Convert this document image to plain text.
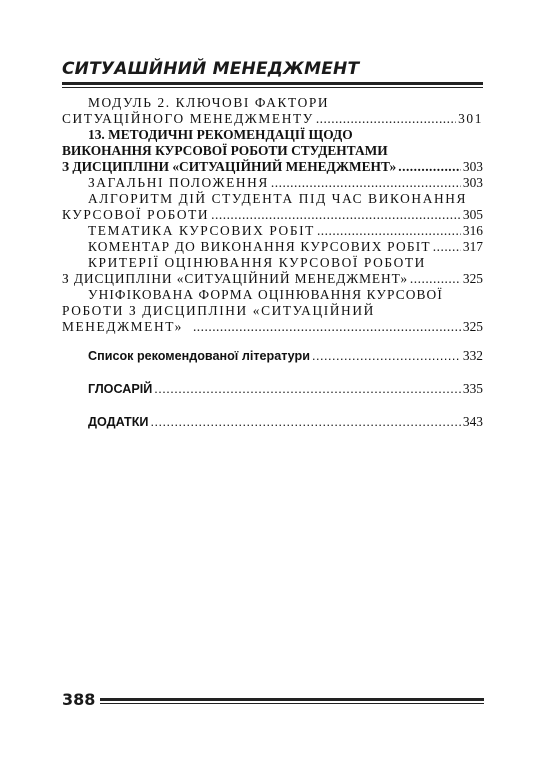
СИТУАШЙНИЙ МЕНЕДЖМЕНТ
МОДУЛЬ 2. КЛЮЧОВІ ФАКТОРИ
СИТУАЦІЙНОГО МЕНЕДЖМЕНТУ .....	301
13. МЕТОДИЧНІ РЕКОМЕНДАЦІЇ ЩОДО
ВИКОНАННЯ КУРСОВОЇ РОБОТИ СТУДЕНТАМИ
З ДИСЦИПЛІНИ «СИТУАЦІЙНИЙ МЕНЕДЖМЕНТ» .....	303
ЗАГАЛЬНІ ПОЛОЖЕННЯ .....	303
АЛГОРИТМ ДІЙ СТУДЕНТА ПІД ЧАС ВИКОНАННЯ
КУРСОВОЇ РОБОТИ .....	305
ТЕМАТИКА КУРСОВИХ РОБІТ .....	316
КОМЕНТАР ДО ВИКОНАННЯ КУРСОВИХ РОБІТ ..... 317
КРИТЕРІЇ ОЦІНЮВАННЯ КУРСОВОЇ РОБОТИ
З ДИСЦИПЛІНИ «СИТУАЦІЙНИЙ МЕНЕДЖМЕНТ» .....	325
УНІФІКОВАНА ФОРМА ОЦІНЮВАННЯ КУРСОВОЇ
РОБОТИ З ДИСЦИПЛІНИ «СИТУАЦІЙНИЙ
МЕНЕДЖМЕНТ» .....	325
Список рекомендованої літератури .....	332
ГЛОСАРІЙ .....	335
ДОДАТКИ .....	343
388
